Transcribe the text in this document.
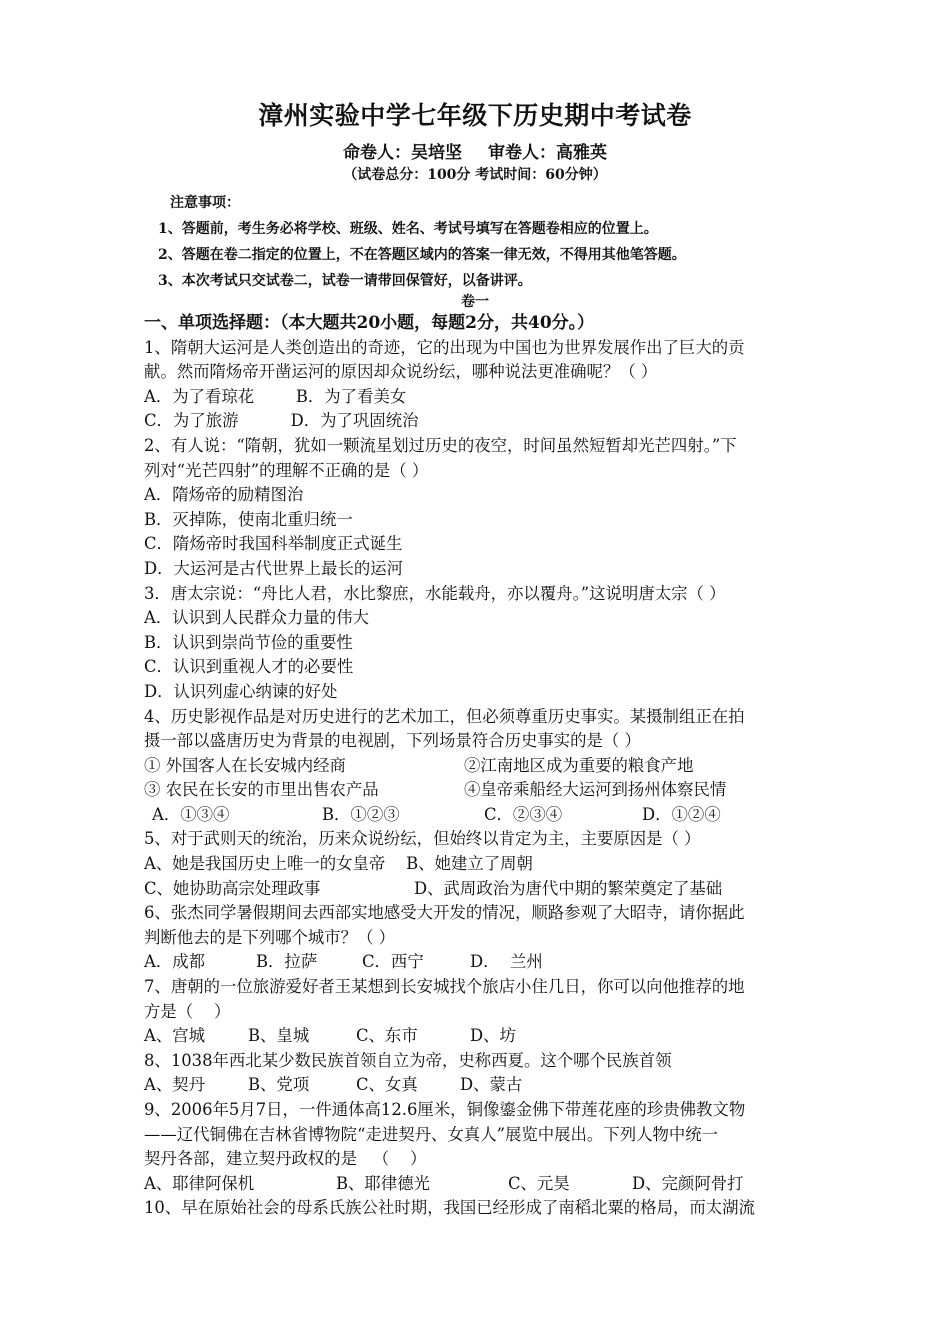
漳州实验中学七年级下历史期中考试卷
命卷人：吴培坚 审卷人：高雅英
（试卷总分：100分 考试时间：60分钟）
注意事项：
1、答题前，考生务必将学校、班级、姓名、考试号填写在答题卷相应的位置上。
2、答题在卷二指定的位置上，不在答题区域内的答案一律无效，不得用其他笔答题。
3、本次考试只交试卷二，试卷一请带回保管好，以备讲评。
卷一
一、单项选择题：（本大题共20小题，每题2分，共40分。）
1、隋朝大运河是人类创造出的奇迹，它的出现为中国也为世界发展作出了巨大的贡
献。然而隋炀帝开凿运河的原因却众说纷纭，哪种说法更准确呢？（ ）
A．为了看琼花        B．为了看美女
C．为了旅游          D．为了巩固统治
2、有人说：“隋朝，犹如一颗流星划过历史的夜空，时间虽然短暂却光芒四射。”下
列对“光芒四射”的理解不正确的是（ ）
A．隋炀帝的励精图治
B．灭掉陈，使南北重归统一
C．隋炀帝时我国科举制度正式诞生
D．大运河是古代世界上最长的运河
3．唐太宗说：“舟比人君，水比黎庶，水能载舟，亦以覆舟。”这说明唐太宗（ ）
A．认识到人民群众力量的伟大
B．认识到崇尚节俭的重要性
C．认识到重视人才的必要性
D．认识列虚心纳谏的好处
4、历史影视作品是对历史进行的艺术加工，但必须尊重历史事实。某摄制组正在拍
摄一部以盛唐历史为背景的电视剧，下列场景符合历史事实的是（ ）
① 外国客人在长安城内经商	②江南地区成为重要的粮食产地
③ 农民在长安的市里出售农产品	④皇帝乘船经大运河到扬州体察民情
A．①③④	B．①②③	C．②③④	D．①②④
5、对于武则天的统治，历来众说纷纭，但始终以肯定为主，主要原因是（ ）
A、她是我国历史上唯一的女皇帝    B、她建立了周朝
C、她协助高宗处理政事	D、武周政治为唐代中期的繁荣奠定了基础
6、张杰同学暑假期间去西部实地感受大开发的情况，顺路参观了大昭寺，请你据此
判断他去的是下列哪个城市？（ ）
A．成都	B．拉萨	C．西宁	D．  兰州
7、唐朝的一位旅游爱好者王某想到长安城找个旅店小住几日，你可以向他推荐的地
方是（    ）
A、宫城	B、皇城	C、东市	D、坊
8、1038年西北某少数民族首领自立为帝，史称西夏。这个哪个民族首领
A、契丹	B、党项	C、女真	D、蒙古
9、2006年5月7日，一件通体高12.6厘米，铜像鎏金佛下带莲花座的珍贵佛教文物
——辽代铜佛在吉林省博物院“走进契丹、女真人”展览中展出。下列人物中统一
契丹各部，建立契丹政权的是   （    ）
A、耶律阿保机	B、耶律德光	C、元昊	D、完颜阿骨打
10、早在原始社会的母系氏族公社时期，我国已经形成了南稻北粟的格局，而太湖流
